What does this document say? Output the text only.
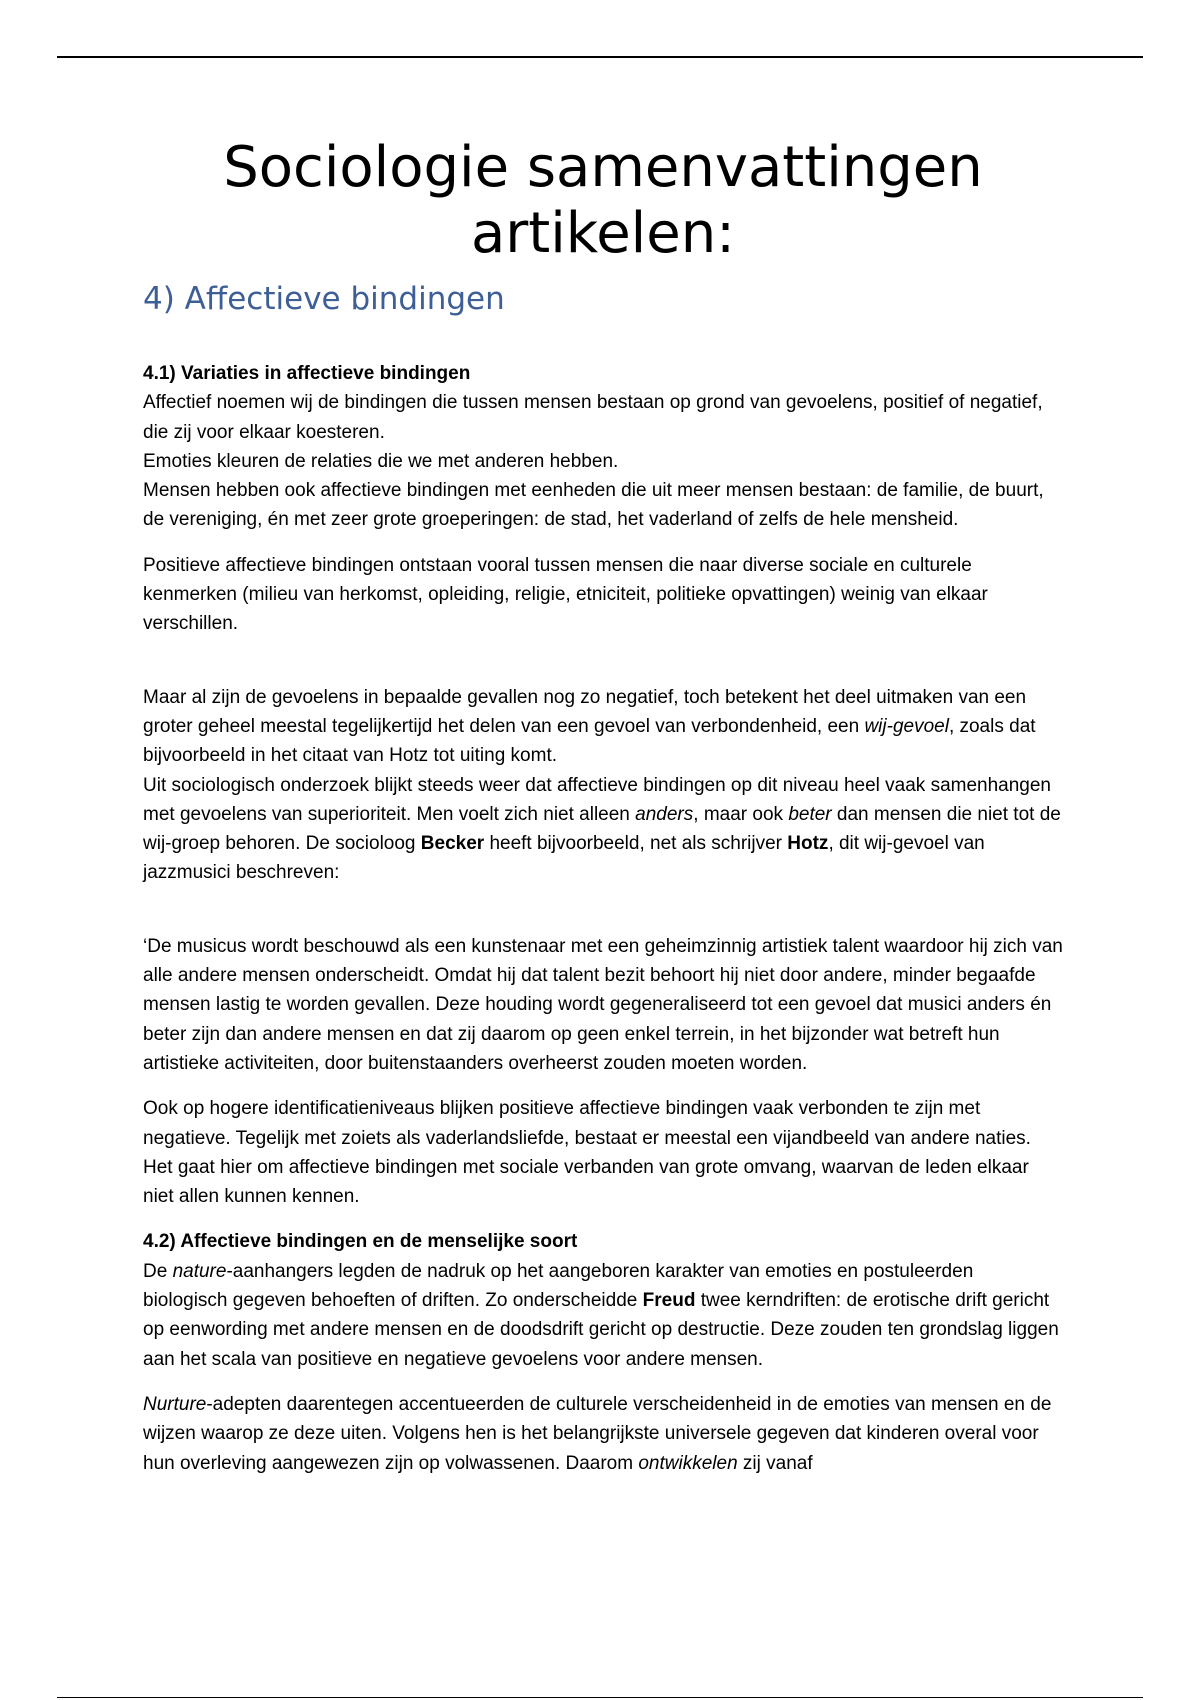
Sociologie samenvattingen artikelen:
4) Affectieve bindingen

4.1) Variaties in affectieve bindingen

Affectief noemen wij de bindingen die tussen mensen bestaan op grond van gevoelens, positief of negatief, die zij voor elkaar koesteren.

Emoties kleuren de relaties die we met anderen hebben.

Mensen hebben ook affectieve bindingen met eenheden die uit meer mensen bestaan: de familie, de buurt, de vereniging, én met zeer grote groeperingen: de stad, het vaderland of zelfs de hele mensheid.

Positieve affectieve bindingen ontstaan vooral tussen mensen die naar diverse sociale en culturele kenmerken (milieu van herkomst, opleiding, religie, etniciteit, politieke opvattingen) weinig van elkaar verschillen.

Maar al zijn de gevoelens in bepaalde gevallen nog zo negatief, toch betekent het deel uitmaken van een groter geheel meestal tegelijkertijd het delen van een gevoel van verbondenheid, een wij-gevoel, zoals dat bijvoorbeeld in het citaat van Hotz tot uiting komt.

Uit sociologisch onderzoek blijkt steeds weer dat affectieve bindingen op dit niveau heel vaak samenhangen met gevoelens van superioriteit. Men voelt zich niet alleen anders, maar ook beter dan mensen die niet tot de wij-groep behoren. De socioloog Becker heeft bijvoorbeeld, net als schrijver Hotz, dit wij-gevoel van jazzmusici beschreven:

‘De musicus wordt beschouwd als een kunstenaar met een geheimzinnig artistiek talent waardoor hij zich van alle andere mensen onderscheidt. Omdat hij dat talent bezit behoort hij niet door andere, minder begaafde mensen lastig te worden gevallen. Deze houding wordt gegeneraliseerd tot een gevoel dat musici anders én beter zijn dan andere mensen en dat zij daarom op geen enkel terrein, in het bijzonder wat betreft hun artistieke activiteiten, door buitenstaanders overheerst zouden moeten worden.

Ook op hogere identificatieniveaus blijken positieve affectieve bindingen vaak verbonden te zijn met negatieve. Tegelijk met zoiets als vaderlandsliefde, bestaat er meestal een vijandbeeld van andere naties. Het gaat hier om affectieve bindingen met sociale verbanden van grote omvang, waarvan de leden elkaar niet allen kunnen kennen.

4.2) Affectieve bindingen en de menselijke soort

De nature-aanhangers legden de nadruk op het aangeboren karakter van emoties en postuleerden biologisch gegeven behoeften of driften. Zo onderscheidde Freud twee kerndriften: de erotische drift gericht op eenwording met andere mensen en de doodsdrift gericht op destructie. Deze zouden ten grondslag liggen aan het scala van positieve en negatieve gevoelens voor andere mensen.

Nurture-adepten daarentegen accentueerden de culturele verscheidenheid in de emoties van mensen en de wijzen waarop ze deze uiten. Volgens hen is het belangrijkste universele gegeven dat kinderen overal voor hun overleving aangewezen zijn op volwassenen. Daarom ontwikkelen zij vanaf
